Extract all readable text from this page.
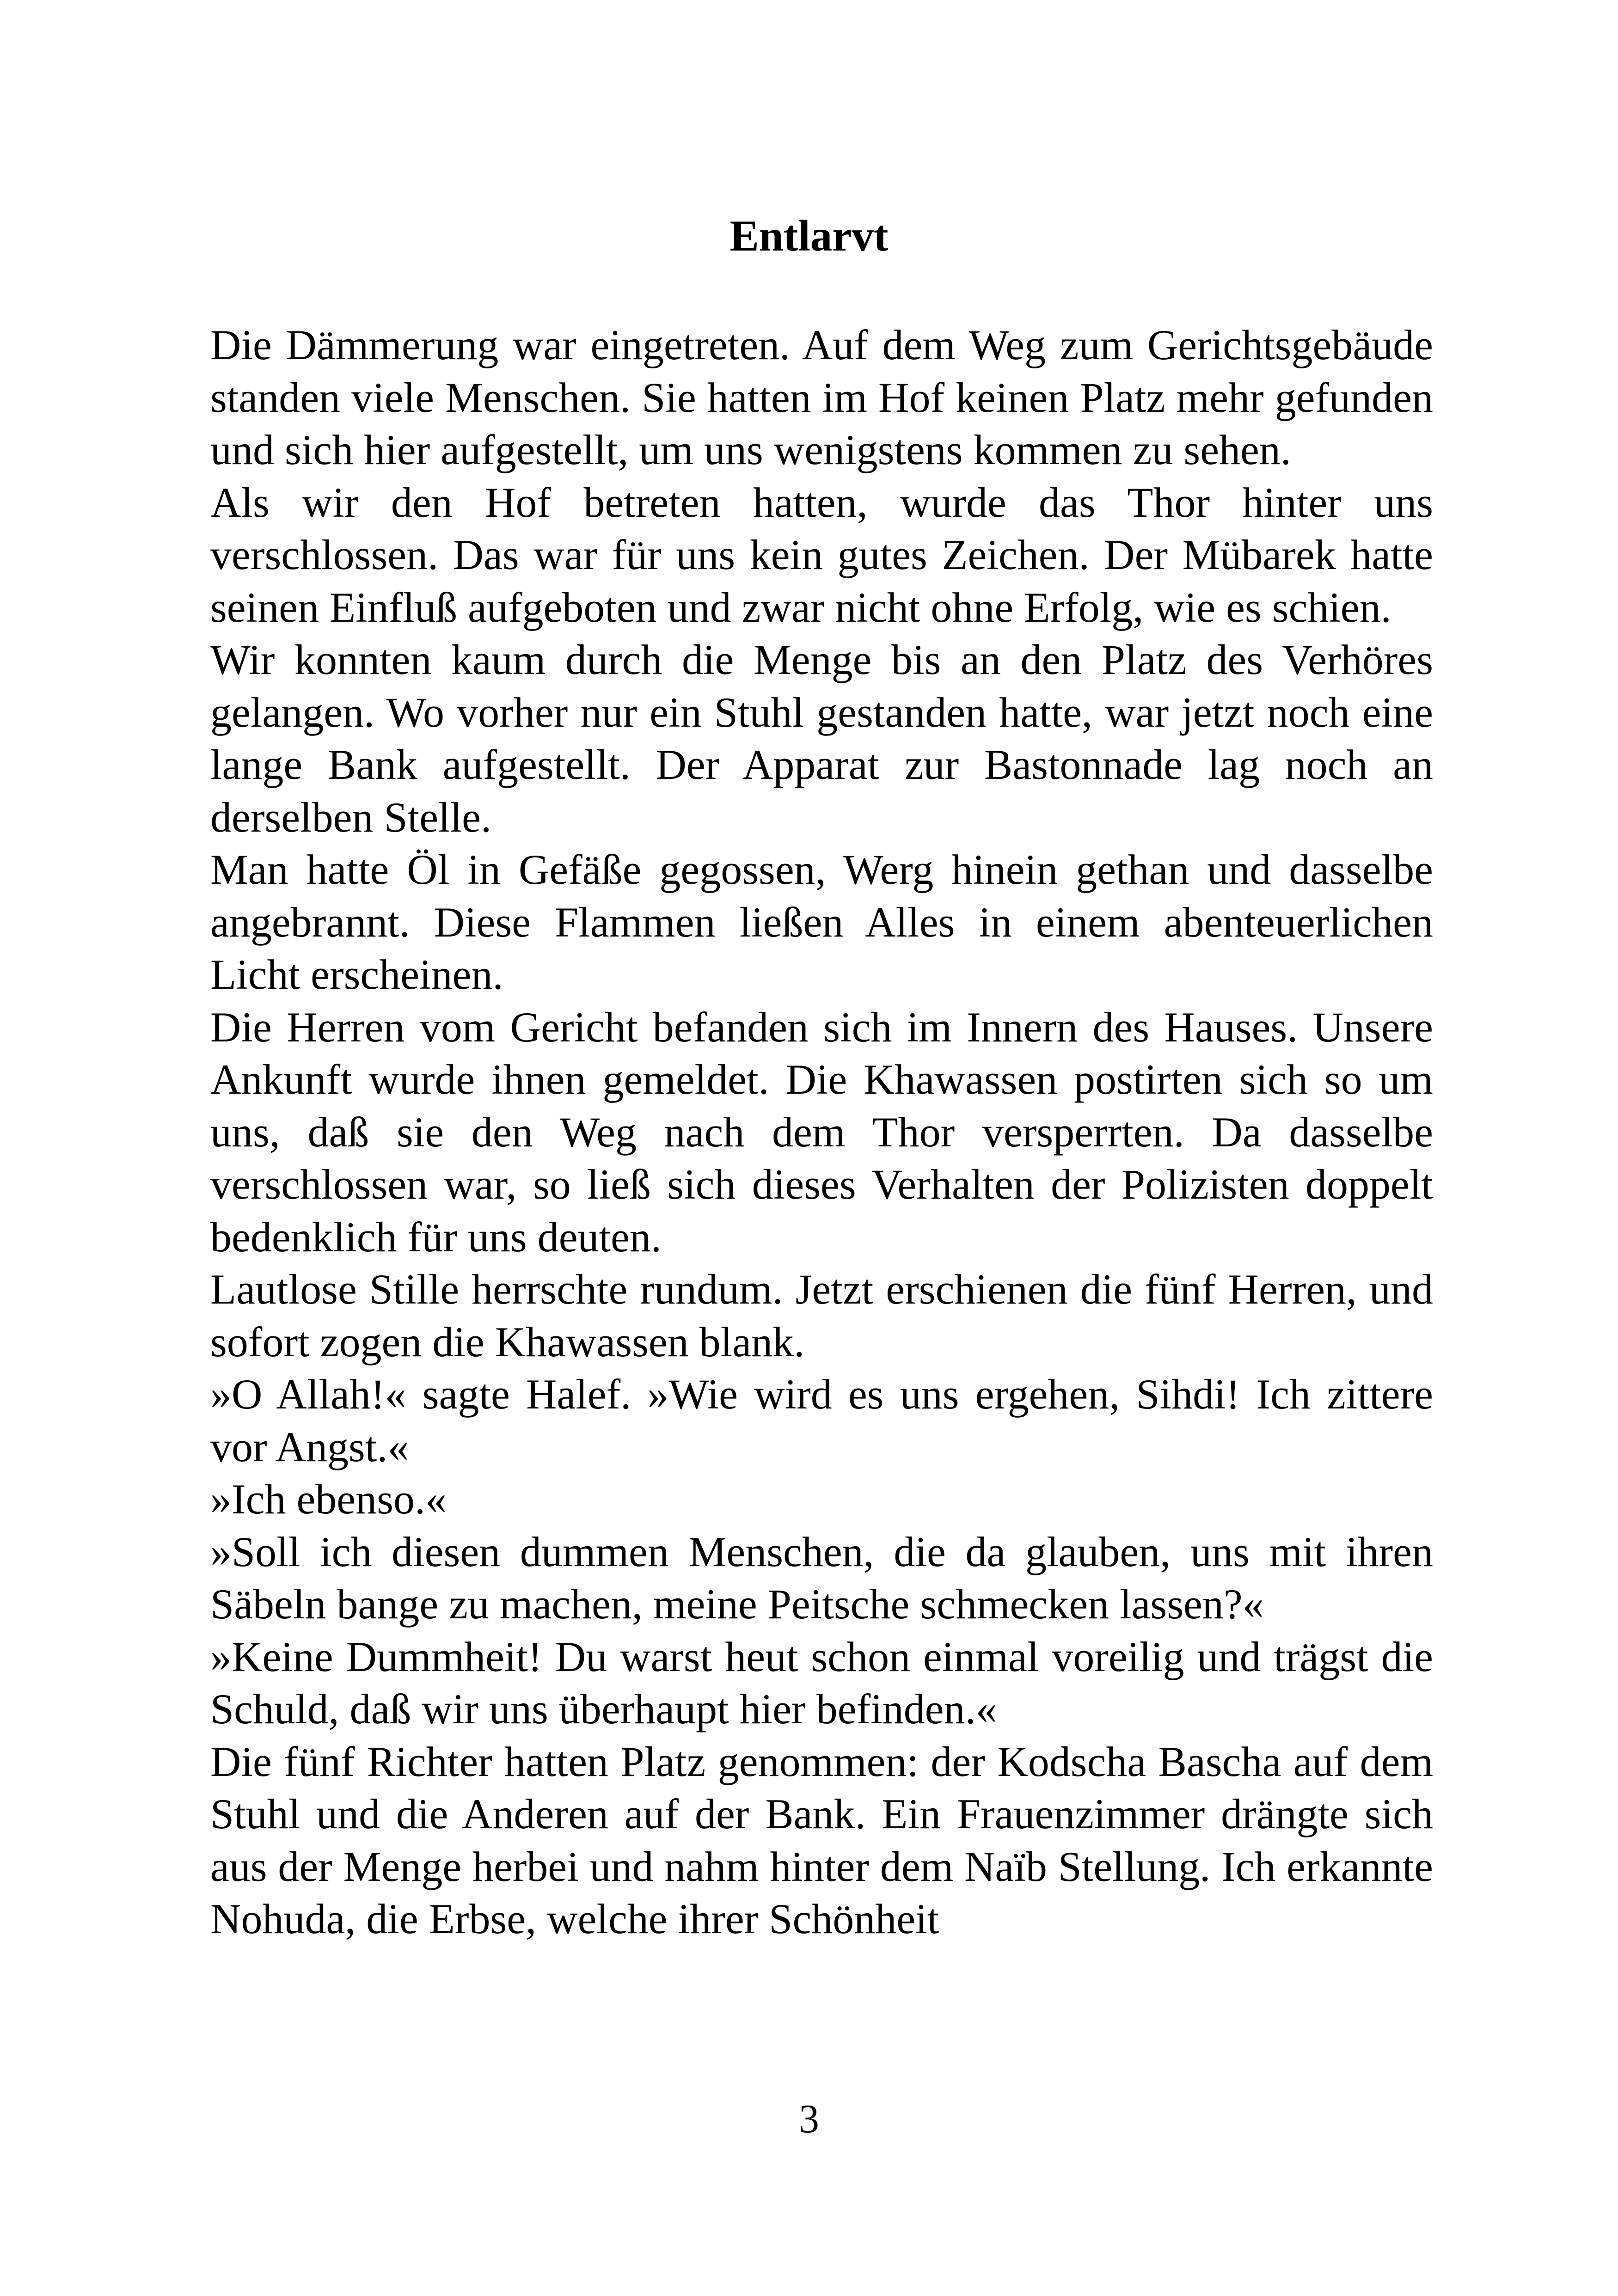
Entlarvt

Die Dämmerung war eingetreten. Auf dem Weg zum Gerichtsgebäude standen viele Menschen. Sie hatten im Hof keinen Platz mehr gefunden und sich hier aufgestellt, um uns wenigstens kommen zu sehen.

Als wir den Hof betreten hatten, wurde das Thor hinter uns verschlossen. Das war für uns kein gutes Zeichen. Der Mübarek hatte seinen Einfluß aufgeboten und zwar nicht ohne Erfolg, wie es schien.

Wir konnten kaum durch die Menge bis an den Platz des Verhöres gelangen. Wo vorher nur ein Stuhl gestanden hatte, war jetzt noch eine lange Bank aufgestellt. Der Apparat zur Bastonnade lag noch an derselben Stelle.

Man hatte Öl in Gefäße gegossen, Werg hinein gethan und dasselbe angebrannt. Diese Flammen ließen Alles in einem abenteuerlichen Licht erscheinen.

Die Herren vom Gericht befanden sich im Innern des Hauses. Unsere Ankunft wurde ihnen gemeldet. Die Khawassen postirten sich so um uns, daß sie den Weg nach dem Thor versperrten. Da dasselbe verschlossen war, so ließ sich dieses Verhalten der Polizisten doppelt bedenklich für uns deuten.

Lautlose Stille herrschte rundum. Jetzt erschienen die fünf Herren, und sofort zogen die Khawassen blank.

»O Allah!« sagte Halef. »Wie wird es uns ergehen, Sihdi! Ich zittere vor Angst.«

»Ich ebenso.«

»Soll ich diesen dummen Menschen, die da glauben, uns mit ihren Säbeln bange zu machen, meine Peitsche schmecken lassen?«

»Keine Dummheit! Du warst heut schon einmal voreilig und trägst die Schuld, daß wir uns überhaupt hier befinden.«

Die fünf Richter hatten Platz genommen: der Kodscha Bascha auf dem Stuhl und die Anderen auf der Bank. Ein Frauenzimmer drängte sich aus der Menge herbei und nahm hinter dem Naïb Stellung. Ich erkannte Nohuda, die Erbse, welche ihrer Schönheit

3
